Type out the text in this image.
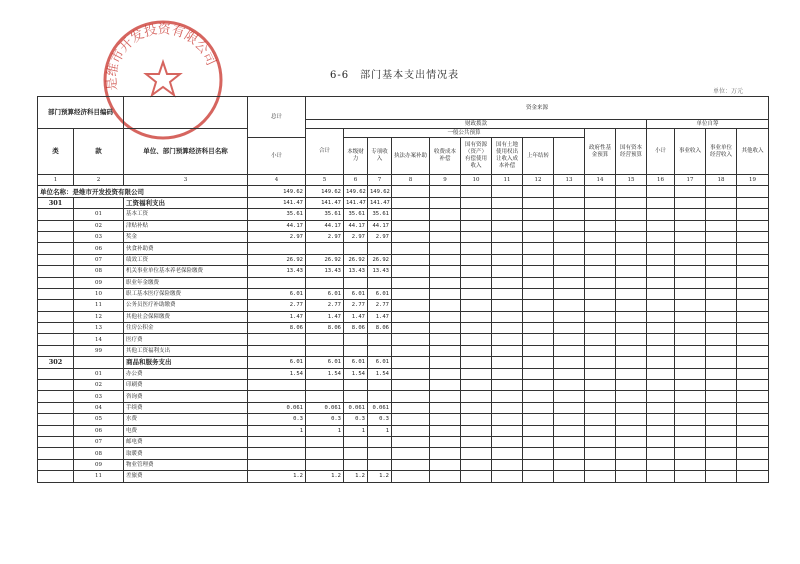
6-6　部门基本支出情况表
单位：万元
是维市开发投资有限公司
部门预算经济科目编码			总计	资金来源														
				财政拨款											单位自筹			
类	款	单位、部门预算经济科目名称		合计	一般公共预算								政府性基金预算	国有资本经营预算	小计	事业收入	事业单位经营收入	其他收入
			小计		本级财力	专项收入	执法办案补助	收费成本补偿	国有资源（资产）有偿使用收入	国有土地使用权出让收入成本补偿	上年结转							
1	2	3	4	5	6	7	8	9	10	11	12	13	14	15	16	17	18	19
单位名称：是维市开发投资有限公司			149.62	149.62	149.62	149.62												
301		工资福利支出	141.47	141.47	141.47	141.47												
	01	基本工资	35.61	35.61	35.61	35.61												
	02	津贴补贴	44.17	44.17	44.17	44.17												
	03	奖金	2.97	2.97	2.97	2.97												
	06	伙食补助费																
	07	绩效工资	26.92	26.92	26.92	26.92												
	08	机关事业单位基本养老保险缴费	13.43	13.43	13.43	13.43												
	09	职业年金缴费																
	10	职工基本医疗保险缴费	6.01	6.01	6.01	6.01												
	11	公务员医疗补助缴费	2.77	2.77	2.77	2.77												
	12	其他社会保障缴费	1.47	1.47	1.47	1.47												
	13	住房公积金	8.06	8.06	8.06	8.06												
	14	医疗费																
	99	其他工资福利支出																
302		商品和服务支出	6.01	6.01	6.01	6.01												
	01	办公费	1.54	1.54	1.54	1.54												
	02	印刷费																
	03	咨询费																
	04	手续费	0.061	0.061	0.061	0.061												
	05	水费	0.3	0.3	0.3	0.3												
	06	电费	1	1	1	1												
	07	邮电费																
	08	取暖费																
	09	物业管理费																
	11	差旅费	1.2	1.2	1.2	1.2												
